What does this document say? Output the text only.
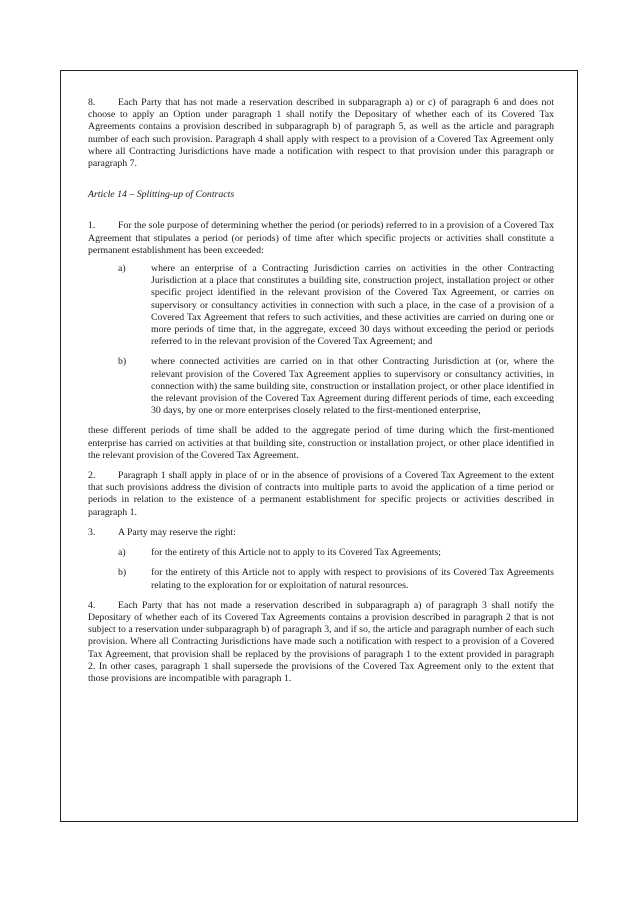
8. Each Party that has not made a reservation described in subparagraph a) or c) of paragraph 6 and does not choose to apply an Option under paragraph 1 shall notify the Depositary of whether each of its Covered Tax Agreements contains a provision described in subparagraph b) of paragraph 5, as well as the article and paragraph number of each such provision. Paragraph 4 shall apply with respect to a provision of a Covered Tax Agreement only where all Contracting Jurisdictions have made a notification with respect to that provision under this paragraph or paragraph 7.

Article 14 – Splitting-up of Contracts

1. For the sole purpose of determining whether the period (or periods) referred to in a provision of a Covered Tax Agreement that stipulates a period (or periods) of time after which specific projects or activities shall constitute a permanent establishment has been exceeded:

a)	where an enterprise of a Contracting Jurisdiction carries on activities in the other Contracting Jurisdiction at a place that constitutes a building site, construction project, installation project or other specific project identified in the relevant provision of the Covered Tax Agreement, or carries on supervisory or consultancy activities in connection with such a place, in the case of a provision of a Covered Tax Agreement that refers to such activities, and these activities are carried on during one or more periods of time that, in the aggregate, exceed 30 days without exceeding the period or periods referred to in the relevant provision of the Covered Tax Agreement; and
b)	where connected activities are carried on in that other Contracting Jurisdiction at (or, where the relevant provision of the Covered Tax Agreement applies to supervisory or consultancy activities, in connection with) the same building site, construction or installation project, or other place identified in the relevant provision of the Covered Tax Agreement during different periods of time, each exceeding 30 days, by one or more enterprises closely related to the first-mentioned enterprise,

these different periods of time shall be added to the aggregate period of time during which the first-mentioned enterprise has carried on activities at that building site, construction or installation project, or other place identified in the relevant provision of the Covered Tax Agreement.

2. Paragraph 1 shall apply in place of or in the absence of provisions of a Covered Tax Agreement to the extent that such provisions address the division of contracts into multiple parts to avoid the application of a time period or periods in relation to the existence of a permanent establishment for specific projects or activities described in paragraph 1.

3. A Party may reserve the right:

a)	for the entirety of this Article not to apply to its Covered Tax Agreements;
b)	for the entirety of this Article not to apply with respect to provisions of its Covered Tax Agreements relating to the exploration for or exploitation of natural resources.

4. Each Party that has not made a reservation described in subparagraph a) of paragraph 3 shall notify the Depositary of whether each of its Covered Tax Agreements contains a provision described in paragraph 2 that is not subject to a reservation under subparagraph b) of paragraph 3, and if so, the article and paragraph number of each such provision. Where all Contracting Jurisdictions have made such a notification with respect to a provision of a Covered Tax Agreement, that provision shall be replaced by the provisions of paragraph 1 to the extent provided in paragraph 2. In other cases, paragraph 1 shall supersede the provisions of the Covered Tax Agreement only to the extent that those provisions are incompatible with paragraph 1.
